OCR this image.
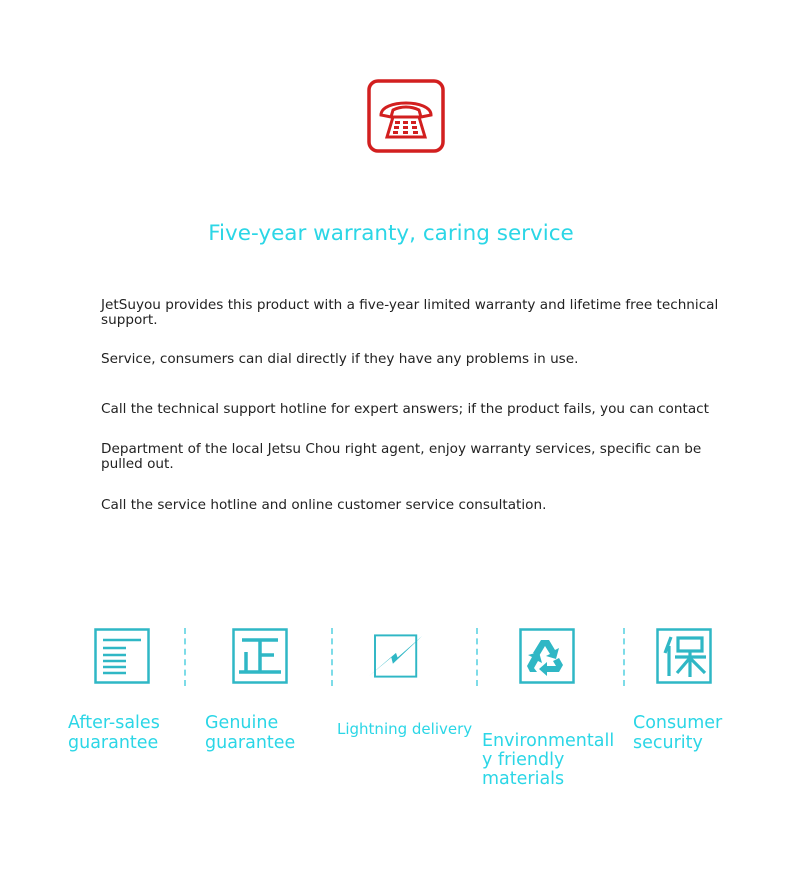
Five-year warranty, caring service

JetSuyou provides this product with a five-year limited warranty and lifetime free technical support.

Service, consumers can dial directly if they have any problems in use.

Call the technical support hotline for expert answers; if the product fails, you can contact

Department of the local Jetsu Chou right agent, enjoy warranty services, specific can be pulled out.

Call the service hotline and online customer service consultation.

After-sales guarantee

Genuine guarantee

Lightning delivery

Environmentall y friendly materials

Consumer security
